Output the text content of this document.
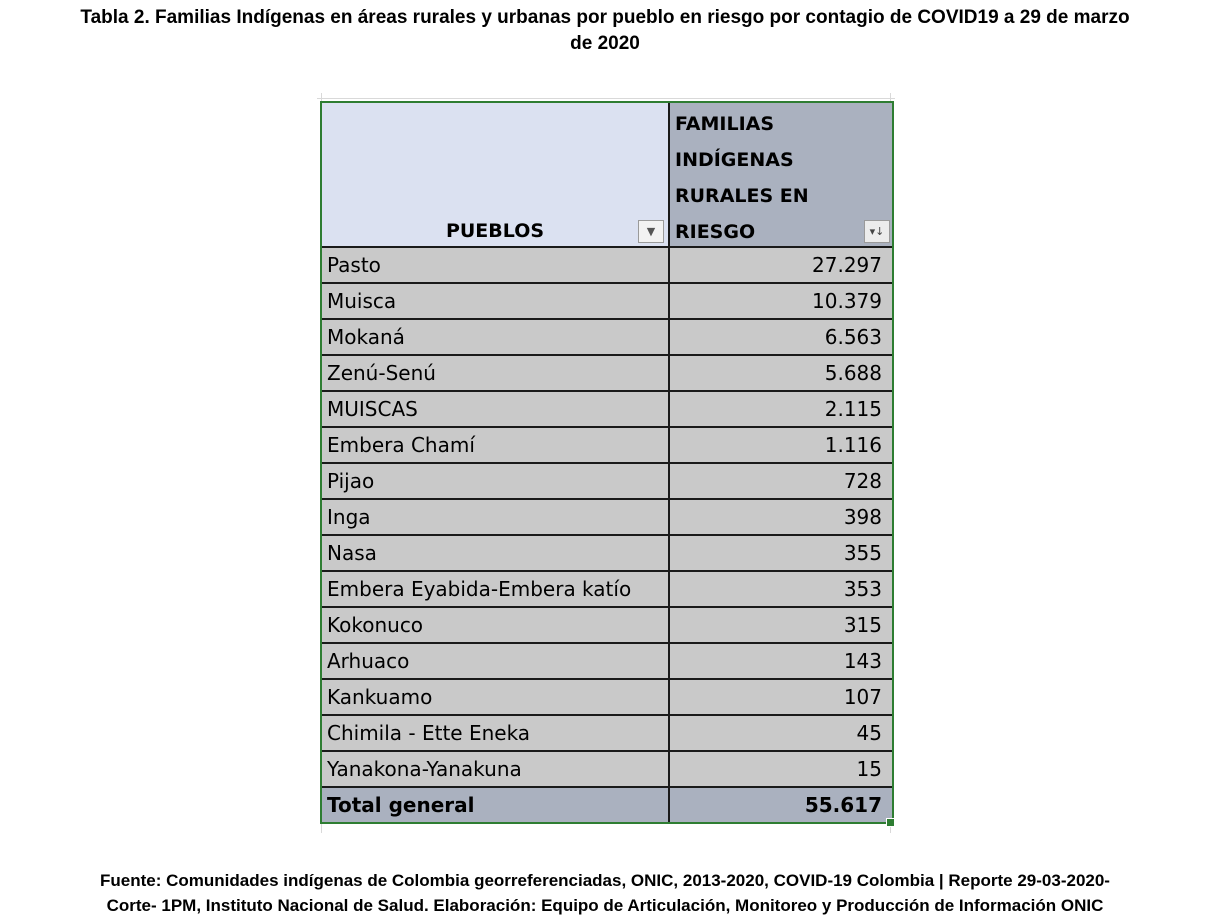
Tabla 2. Familias Indígenas en áreas rurales y urbanas por pueblo en riesgo por contagio de COVID19 a 29 de marzo
de 2020
PUEBLOS	▼
FAMILIAS
INDÍGENAS
RURALES EN
RIESGO	▾↓
Pasto	27.297
Muisca	10.379
Mokaná	6.563
Zenú-Senú	5.688
MUISCAS	2.115
Embera Chamí	1.116
Pijao	728
Inga	398
Nasa	355
Embera Eyabida-Embera katío	353
Kokonuco	315
Arhuaco	143
Kankuamo	107
Chimila - Ette Eneka	45
Yanakona-Yanakuna	15
Total general	55.617
Fuente: Comunidades indígenas de Colombia georreferenciadas, ONIC, 2013-2020, COVID-19 Colombia | Reporte 29-03-2020-
Corte- 1PM, Instituto Nacional de Salud. Elaboración: Equipo de Articulación, Monitoreo y Producción de Información ONIC
